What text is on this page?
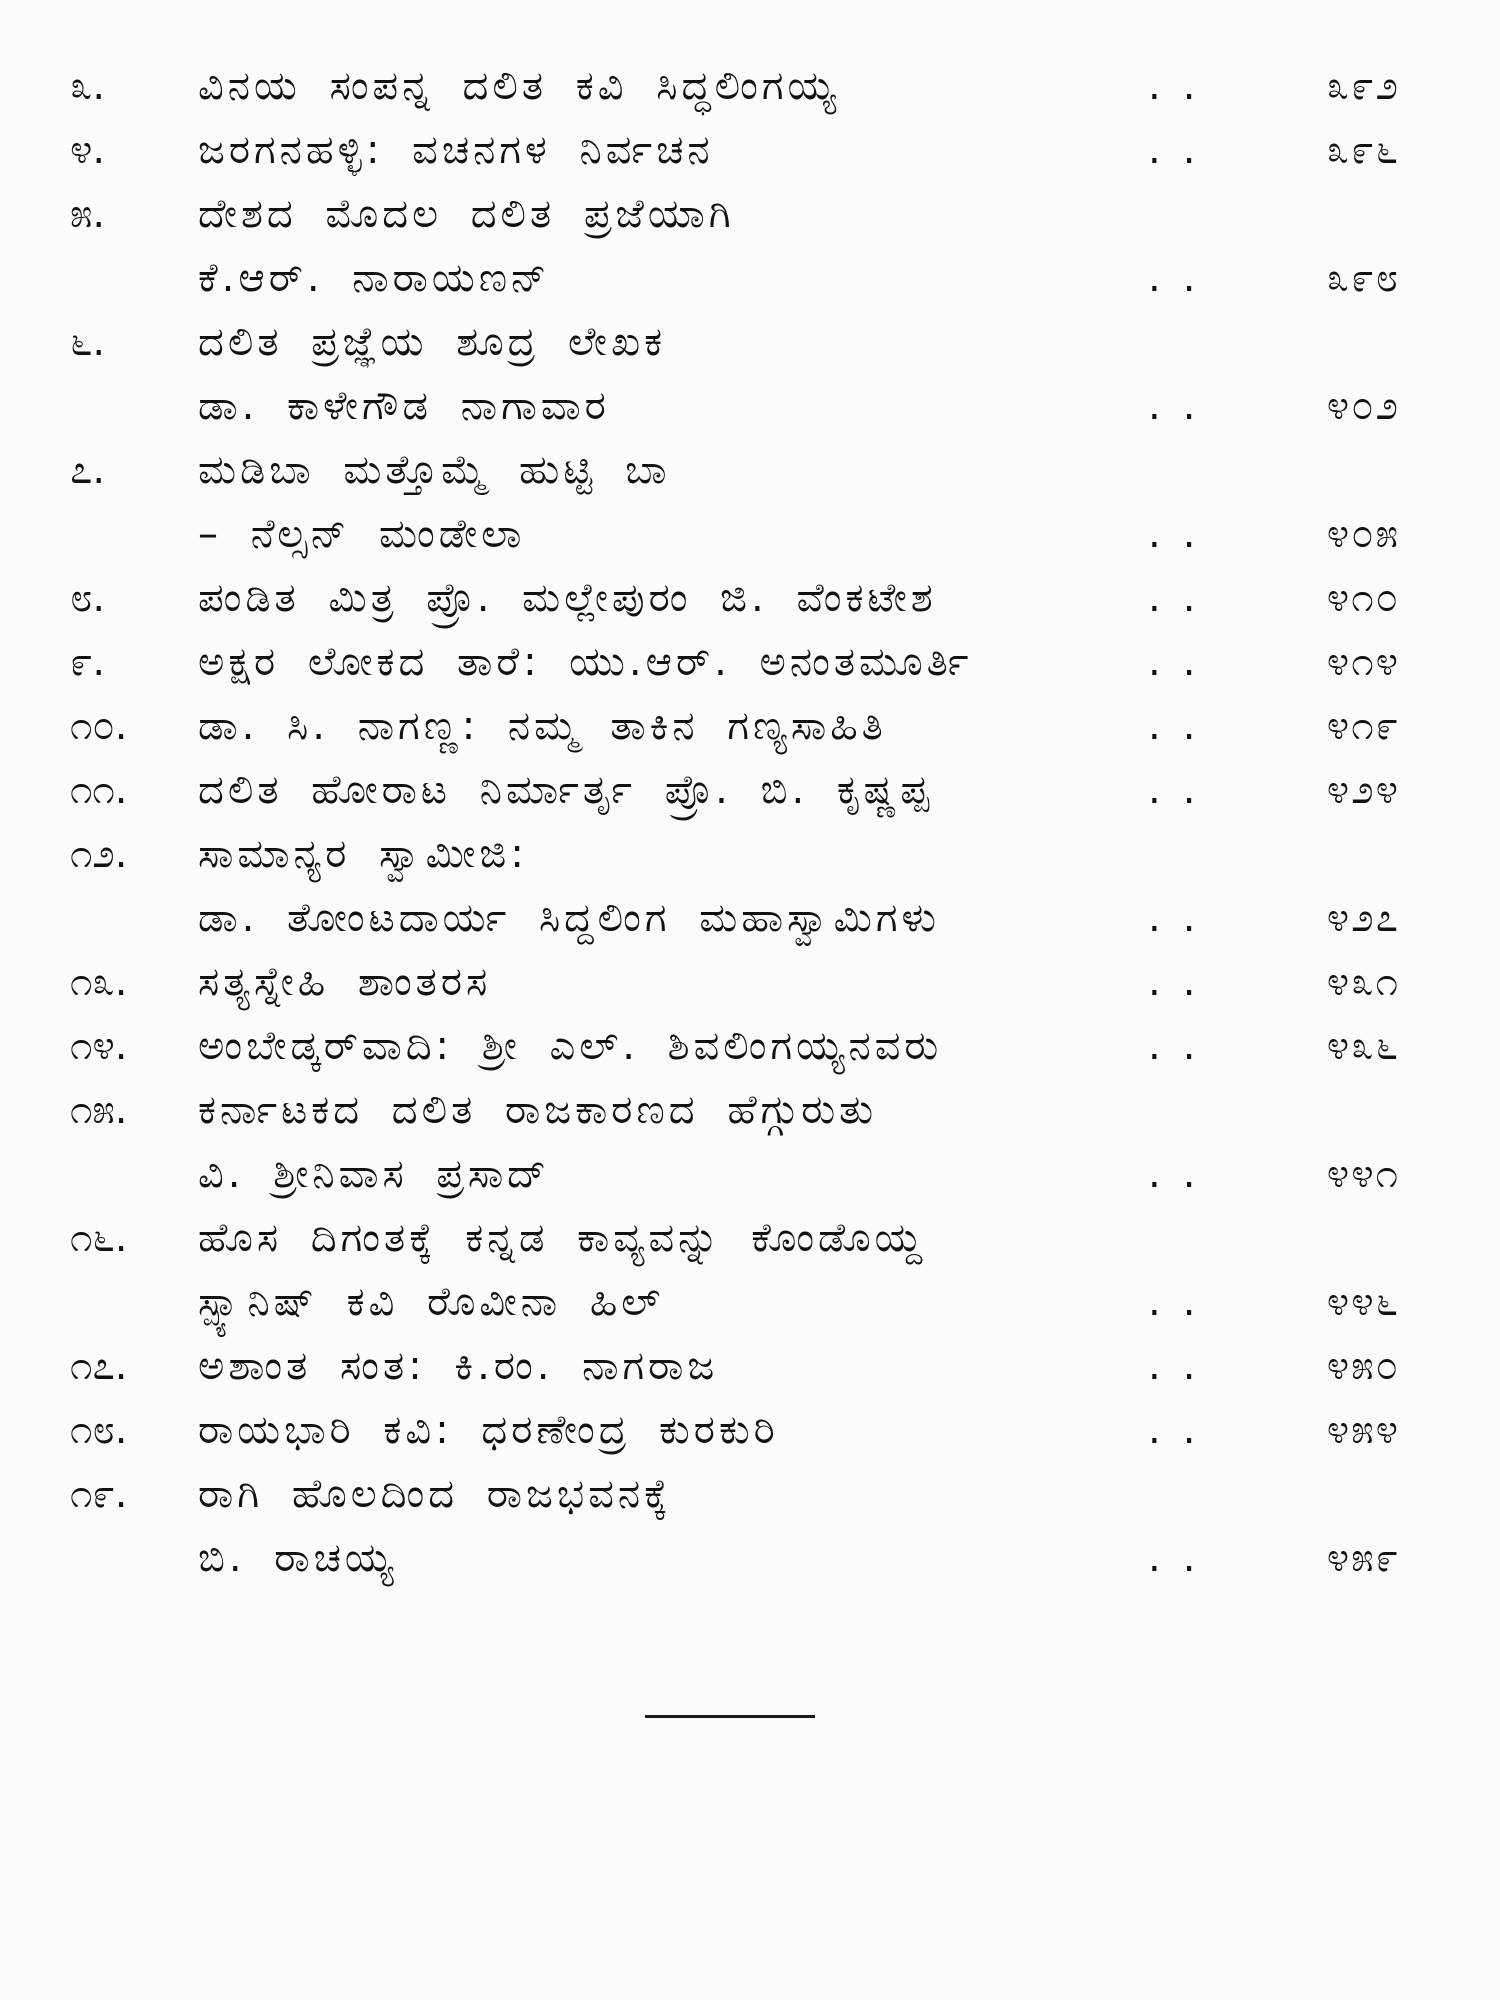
೩.	ವಿನಯ ಸಂಪನ್ನ ದಲಿತ ಕವಿ ಸಿದ್ಧಲಿಂಗಯ್ಯ	..	೩೯೨
೪.	ಜರಗನಹಳ್ಳಿ: ವಚನಗಳ ನಿರ್ವಚನ	..	೩೯೬
೫.	ದೇಶದ ಮೊದಲ ದಲಿತ ಪ್ರಜೆಯಾಗಿ
ಕೆ.ಆರ್. ನಾರಾಯಣನ್	..	೩೯೮
೬.	ದಲಿತ ಪ್ರಜ್ಞೆಯ ಶೂದ್ರ ಲೇಖಕ
ಡಾ. ಕಾಳೇಗೌಡ ನಾಗಾವಾರ	..	೪೦೨
೭.	ಮಡಿಬಾ ಮತ್ತೊಮ್ಮೆ ಹುಟ್ಟಿ ಬಾ
– ನೆಲ್ಸನ್ ಮಂಡೇಲಾ	..	೪೦೫
೮.	ಪಂಡಿತ ಮಿತ್ರ ಪ್ರೊ. ಮಲ್ಲೇಪುರಂ ಜಿ. ವೆಂಕಟೇಶ	..	೪೧೦
೯.	ಅಕ್ಷರ ಲೋಕದ ತಾರೆ: ಯು.ಆರ್. ಅನಂತಮೂರ್ತಿ	..	೪೧೪
೧೦.	ಡಾ. ಸಿ. ನಾಗಣ್ಣ: ನಮ್ಮ ತಾಕಿನ ಗಣ್ಯಸಾಹಿತಿ	..	೪೧೯
೧೧.	ದಲಿತ ಹೋರಾಟ ನಿರ್ಮಾರ್ತೃ ಪ್ರೊ. ಬಿ. ಕೃಷ್ಣಪ್ಪ	..	೪೨೪
೧೨.	ಸಾಮಾನ್ಯರ ಸ್ವಾಮೀಜಿ:
ಡಾ. ತೋಂಟದಾರ್ಯ ಸಿದ್ದಲಿಂಗ ಮಹಾಸ್ವಾಮಿಗಳು	..	೪೨೭
೧೩.	ಸತ್ಯಸ್ನೇಹಿ ಶಾಂತರಸ	..	೪೩೧
೧೪.	ಅಂಬೇಡ್ಕರ್‌ವಾದಿ: ಶ್ರೀ ಎಲ್. ಶಿವಲಿಂಗಯ್ಯನವರು	..	೪೩೬
೧೫.	ಕರ್ನಾಟಕದ ದಲಿತ ರಾಜಕಾರಣದ ಹೆಗ್ಗುರುತು
ವಿ. ಶ್ರೀನಿವಾಸ ಪ್ರಸಾದ್	..	೪೪೧
೧೬.	ಹೊಸ ದಿಗಂತಕ್ಕೆ ಕನ್ನಡ ಕಾವ್ಯವನ್ನು ಕೊಂಡೊಯ್ದ
ಸ್ಪ್ಯಾನಿಷ್ ಕವಿ ರೊವೀನಾ ಹಿಲ್	..	೪೪೬
೧೭.	ಅಶಾಂತ ಸಂತ: ಕಿ.ರಂ. ನಾಗರಾಜ	..	೪೫೦
೧೮.	ರಾಯಭಾರಿ ಕವಿ: ಧರಣೇಂದ್ರ ಕುರಕುರಿ	..	೪೫೪
೧೯.	ರಾಗಿ ಹೊಲದಿಂದ ರಾಜಭವನಕ್ಕೆ
ಬಿ. ರಾಚಯ್ಯ	..	೪೫೯
